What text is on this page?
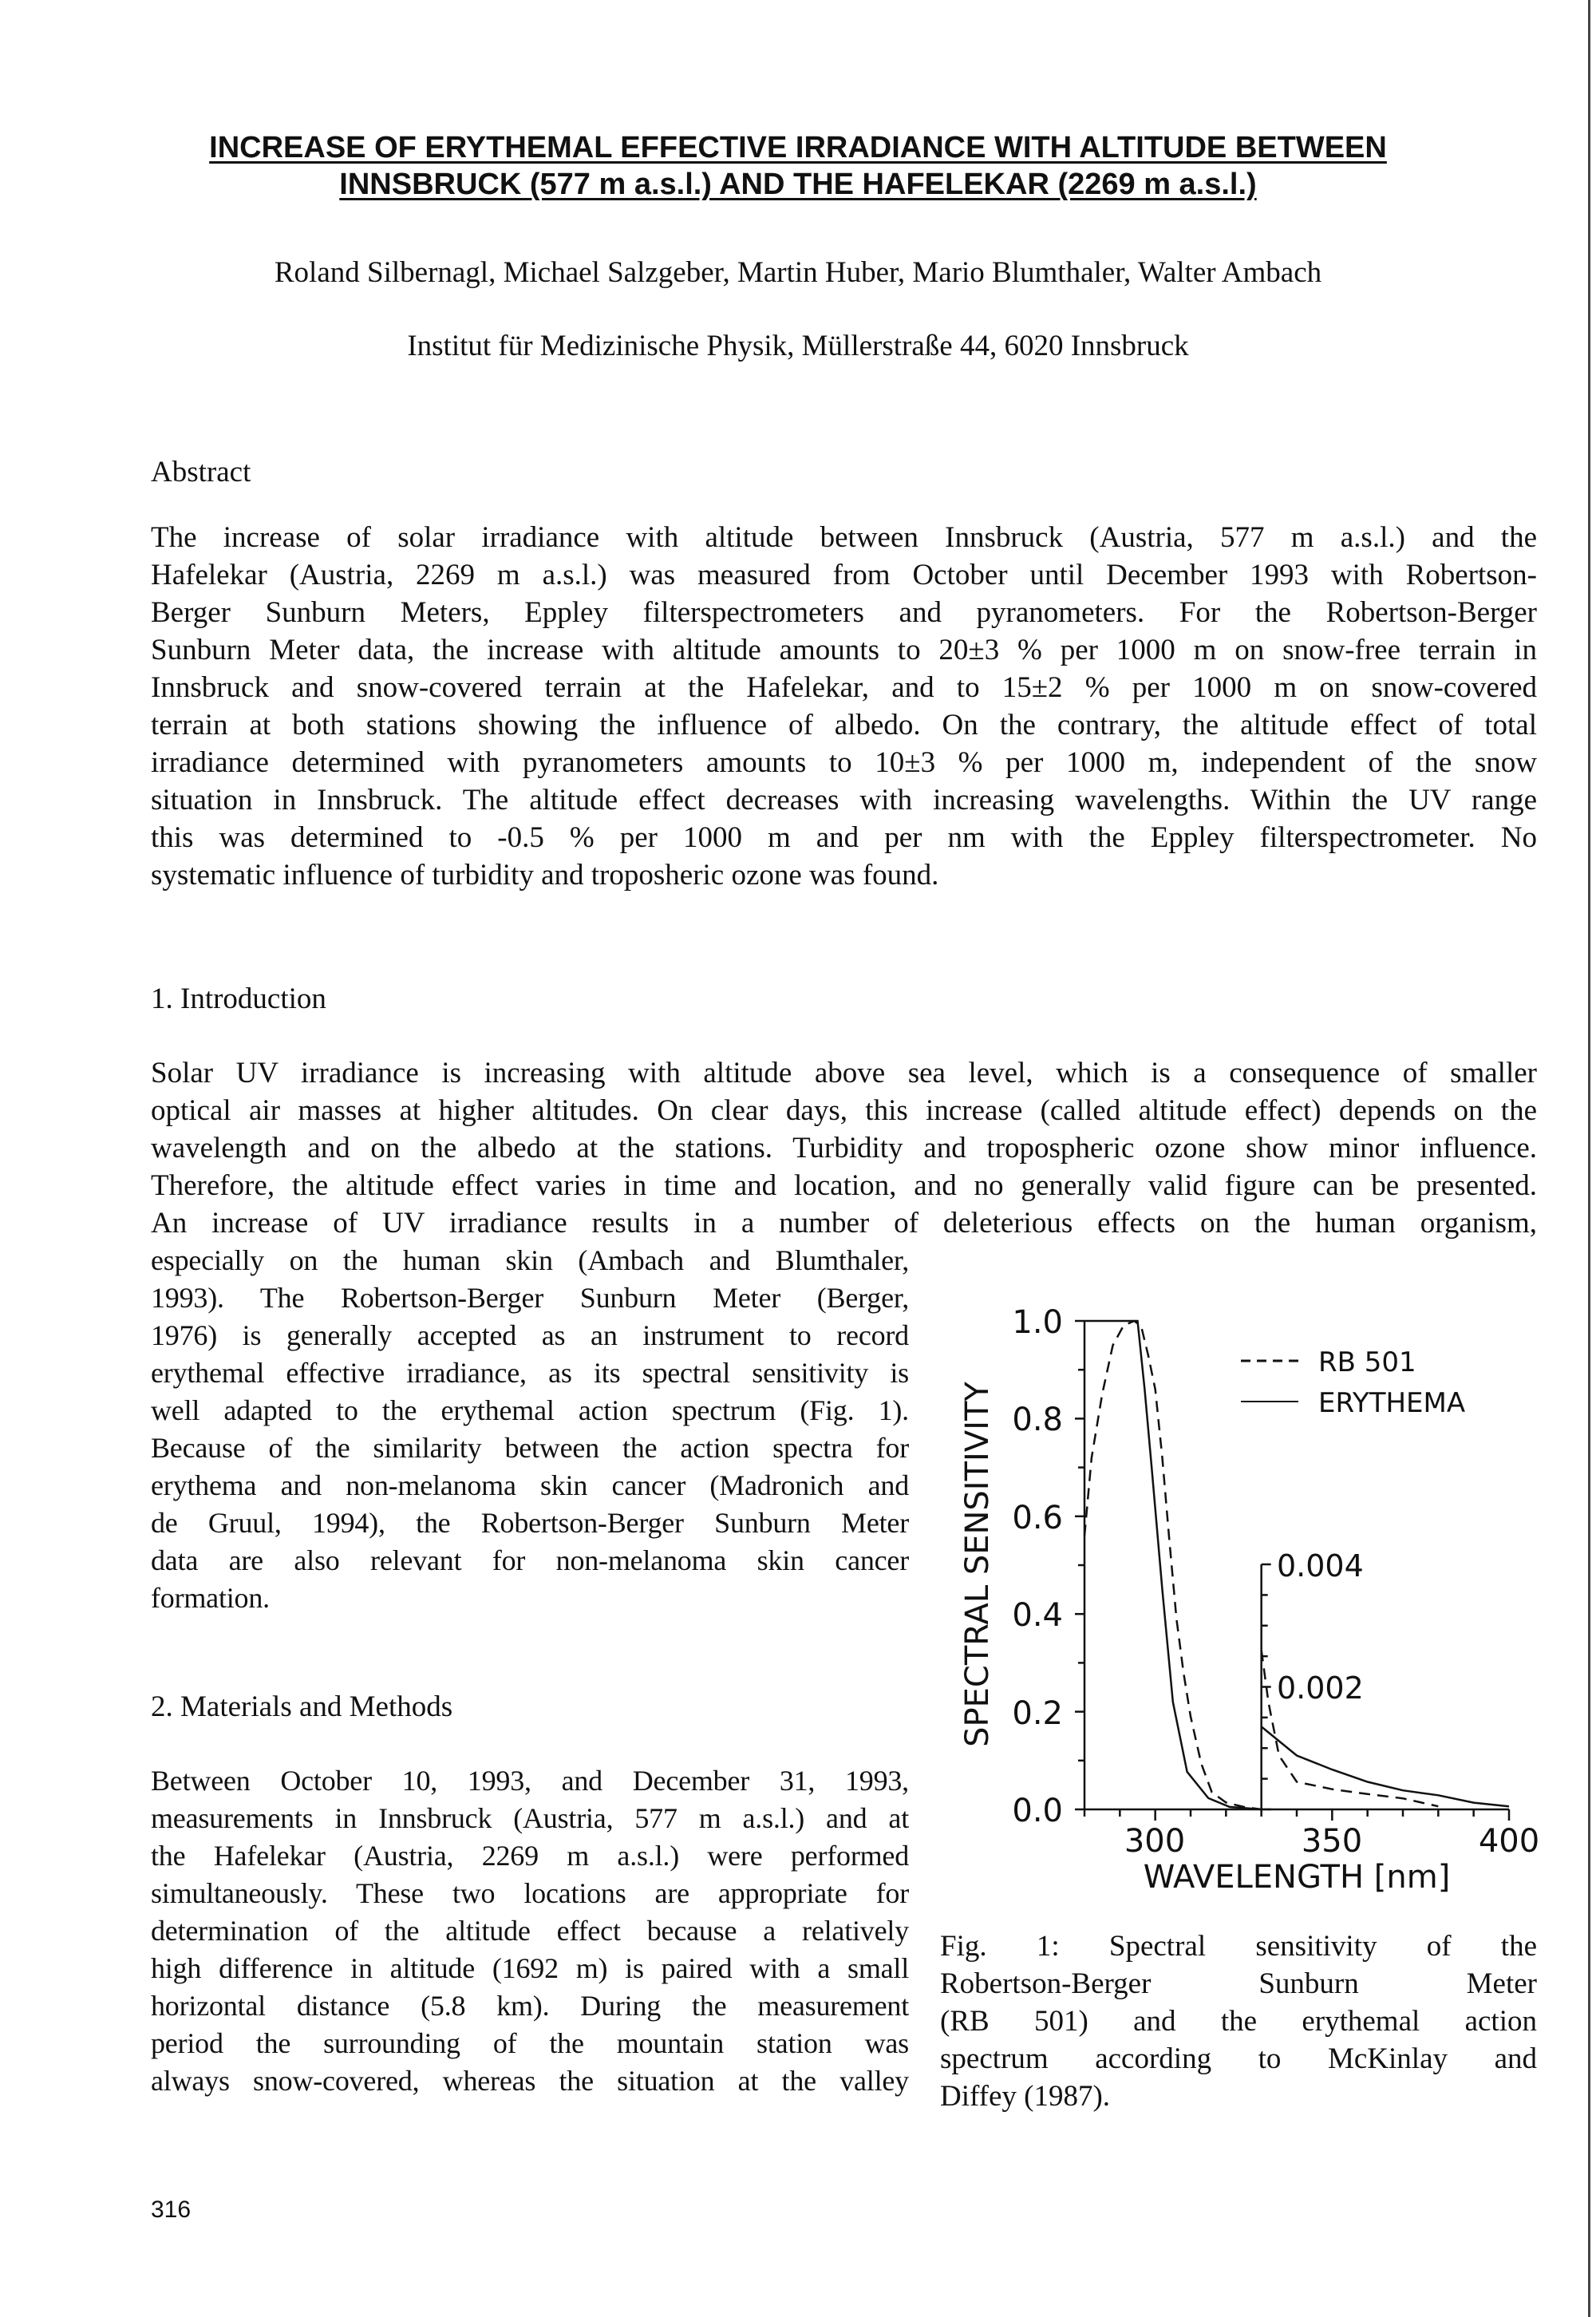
INCREASE OF ERYTHEMAL EFFECTIVE IRRADIANCE WITH ALTITUDE BETWEEN
INNSBRUCK (577 m a.s.l.) AND THE HAFELEKAR (2269 m a.s.l.)
Roland Silbernagl, Michael Salzgeber, Martin Huber, Mario Blumthaler, Walter Ambach
Institut für Medizinische Physik, Müllerstraße 44, 6020 Innsbruck
Abstract
The increase of solar irradiance with altitude between Innsbruck (Austria, 577 m a.s.l.) and the
Hafelekar (Austria, 2269 m a.s.l.) was measured from October until December 1993 with Robertson-
Berger Sunburn Meters, Eppley filterspectrometers and pyranometers. For the Robertson-Berger
Sunburn Meter data, the increase with altitude amounts to 20±3 % per 1000 m on snow-free terrain in
Innsbruck and snow-covered terrain at the Hafelekar, and to 15±2 % per 1000 m on snow-covered
terrain at both stations showing the influence of albedo. On the contrary, the altitude effect of total
irradiance determined with pyranometers amounts to 10±3 % per 1000 m, independent of the snow
situation in Innsbruck. The altitude effect decreases with increasing wavelengths. Within the UV range
this was determined to -0.5 % per 1000 m and per nm with the Eppley filterspectrometer. No
systematic influence of turbidity and troposheric ozone was found.
1. Introduction
Solar UV irradiance is increasing with altitude above sea level, which is a consequence of smaller
optical air masses at higher altitudes. On clear days, this increase (called altitude effect) depends on the
wavelength and on the albedo at the stations. Turbidity and tropospheric ozone show minor influence.
Therefore, the altitude effect varies in time and location, and no generally valid figure can be presented.
An increase of UV irradiance results in a number of deleterious effects on the human organism,
especially on the human skin (Ambach and Blumthaler,
1993). The Robertson-Berger Sunburn Meter (Berger,
1976) is generally accepted as an instrument to record
erythemal effective irradiance, as its spectral sensitivity is
well adapted to the erythemal action spectrum (Fig. 1).
Because of the similarity between the action spectra for
erythema and non-melanoma skin cancer (Madronich and
de Gruul, 1994), the Robertson-Berger Sunburn Meter
data are also relevant for non-melanoma skin cancer
formation.
2. Materials and Methods
Between October 10, 1993, and December 31, 1993,
measurements in Innsbruck (Austria, 577 m a.s.l.) and at
the Hafelekar (Austria, 2269 m a.s.l.) were performed
simultaneously. These two locations are appropriate for
determination of the altitude effect because a relatively
high difference in altitude (1692 m) is paired with a small
horizontal distance (5.8 km). During the measurement
period the surrounding of the mountain station was
always snow-covered, whereas the situation at the valley
Fig. 1: Spectral sensitivity of the
Robertson-Berger Sunburn Meter
(RB 501) and the erythemal action
spectrum according to McKinlay and
Diffey (1987).
316
SPECTRAL SENSITIVITY
WAVELENGTH [nm]
0.0
0.2
0.4
0.6
0.8
1.0
300	350	400
0.004
0.002
RB 501
ERYTHEMA
